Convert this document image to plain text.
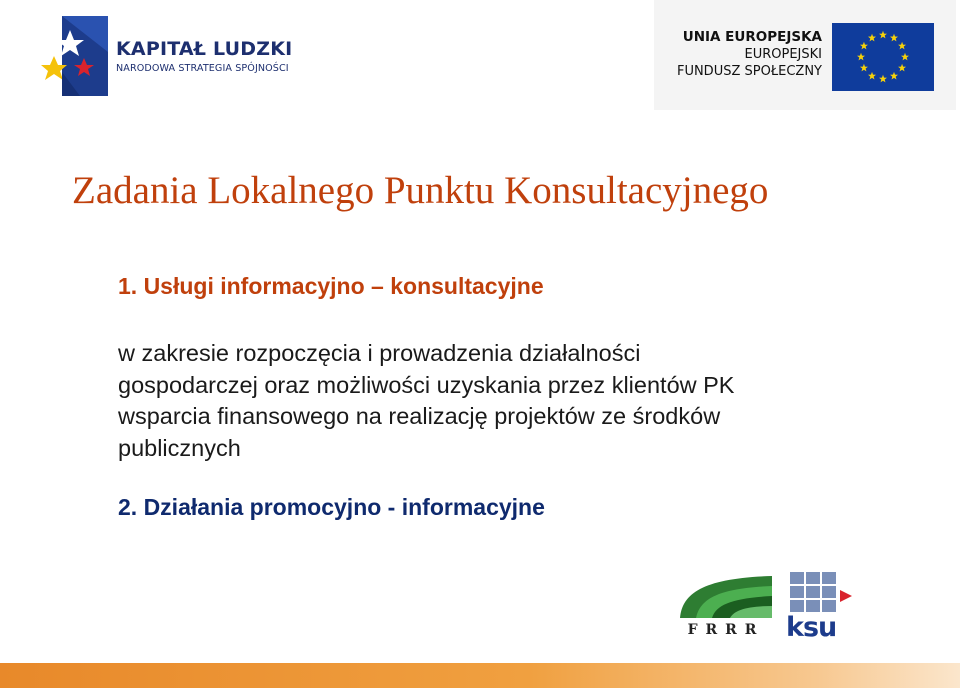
KAPITAŁ LUDZKI
NARODOWA STRATEGIA SPÓJNOŚCI
UNIA EUROPEJSKA
EUROPEJSKI
FUNDUSZ SPOŁECZNY
Zadania Lokalnego Punktu Konsultacyjnego
1. Usługi informacyjno – konsultacyjne
w zakresie rozpoczęcia i prowadzenia działalności
gospodarczej oraz możliwości uzyskania przez klientów PK
wsparcia finansowego na realizację projektów ze środków
publicznych
2. Działania promocyjno - informacyjne
FRRR ksu
